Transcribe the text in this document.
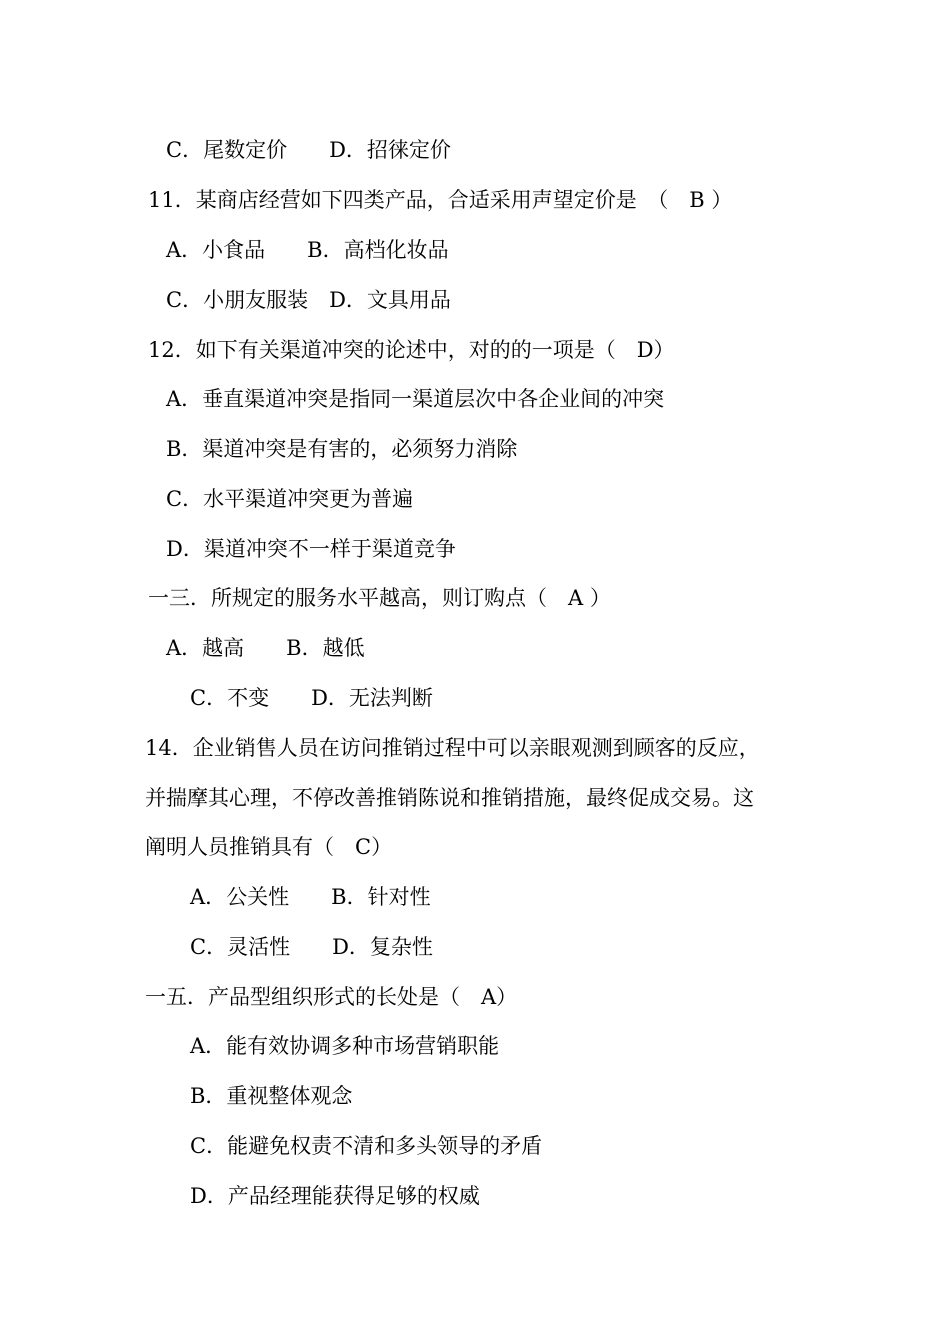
C．尾数定价　　D．招徕定价
11．某商店经营如下四类产品，合适采用声望定价是　（　B ）
A．小食品　　B．高档化妆品
C．小朋友服装　D．文具用品
12．如下有关渠道冲突的论述中，对的的一项是（　D）
A．垂直渠道冲突是指同一渠道层次中各企业间的冲突
B．渠道冲突是有害的，必须努力消除
C．水平渠道冲突更为普遍
D．渠道冲突不一样于渠道竞争
一三．所规定的服务水平越高，则订购点（　A ）
A．越高　　B．越低
C．不变　　D．无法判断
14．企业销售人员在访问推销过程中可以亲眼观测到顾客的反应，
并揣摩其心理，不停改善推销陈说和推销措施，最终促成交易。这
阐明人员推销具有（　C）
A．公关性　　B．针对性
C．灵活性　　D．复杂性
一五．产品型组织形式的长处是（　A）
A．能有效协调多种市场营销职能
B．重视整体观念
C．能避免权责不清和多头领导的矛盾
D．产品经理能获得足够的权威
